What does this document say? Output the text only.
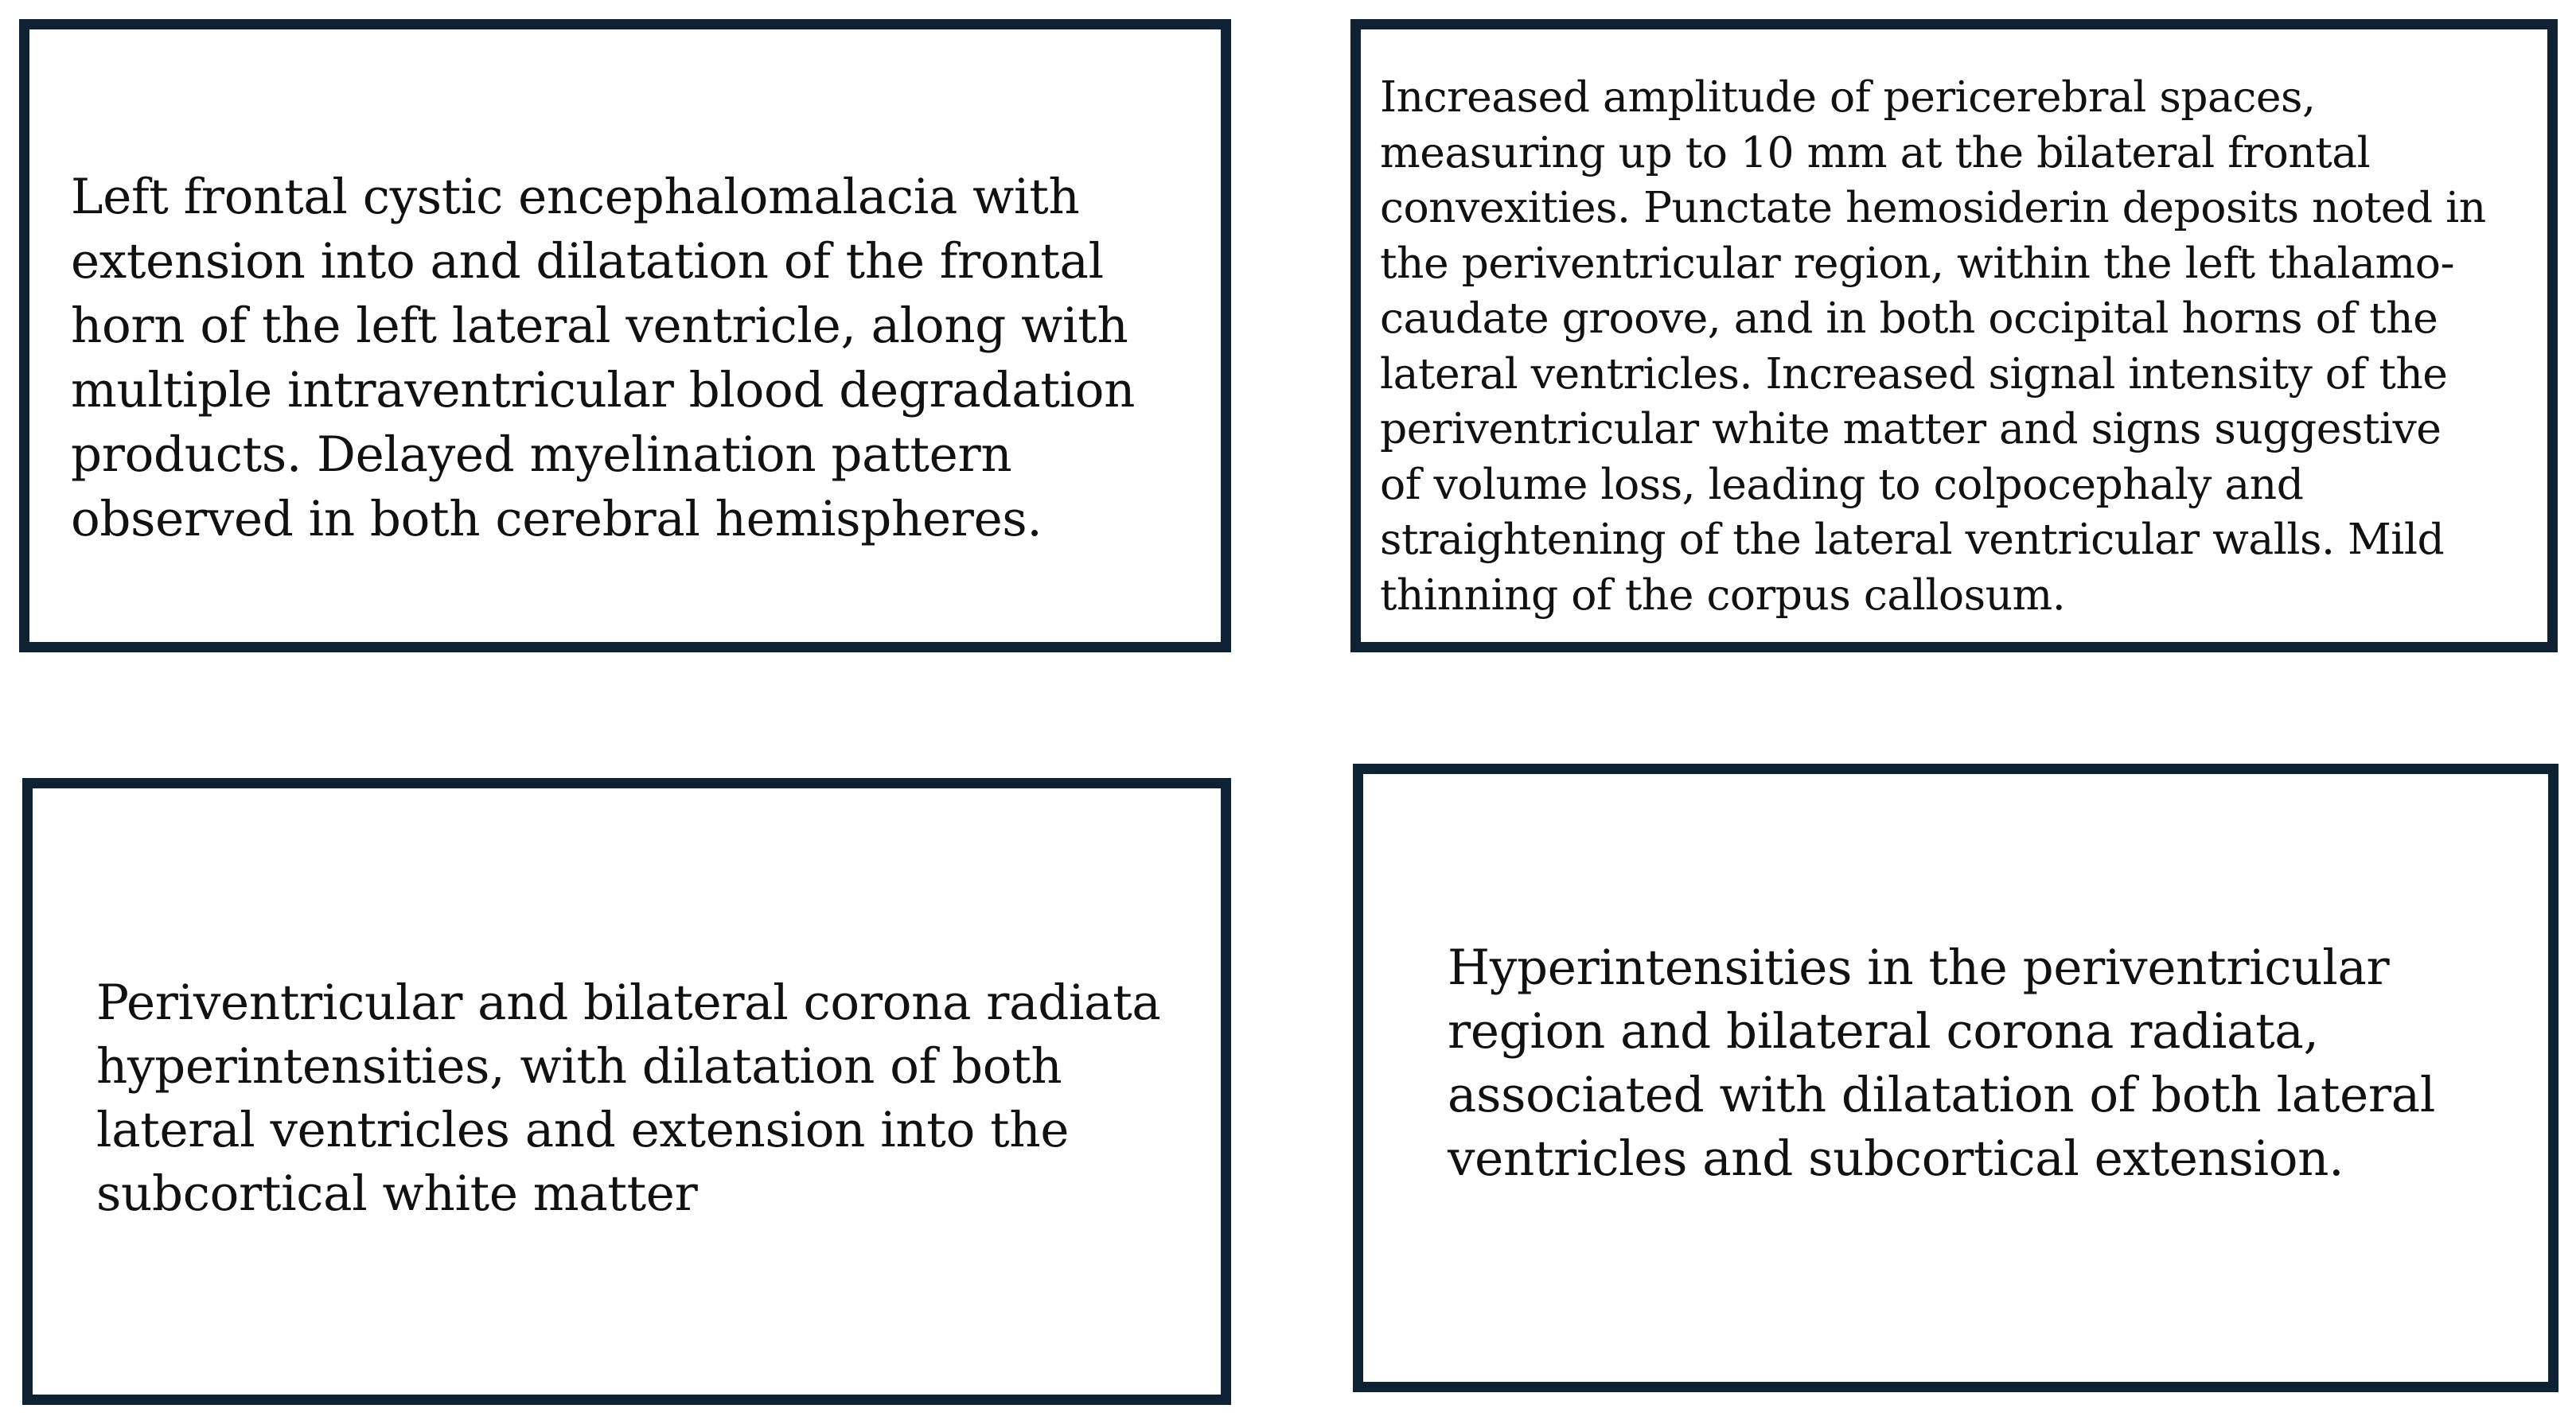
Left frontal cystic encephalomalacia with
extension into and dilatation of the frontal
horn of the left lateral ventricle, along with
multiple intraventricular blood degradation
products. Delayed myelination pattern
observed in both cerebral hemispheres.

Increased amplitude of pericerebral spaces,
measuring up to 10 mm at the bilateral frontal
convexities. Punctate hemosiderin deposits noted in
the periventricular region, within the left thalamo-
caudate groove, and in both occipital horns of the
lateral ventricles. Increased signal intensity of the
periventricular white matter and signs suggestive
of volume loss, leading to colpocephaly and
straightening of the lateral ventricular walls. Mild
thinning of the corpus callosum.

Periventricular and bilateral corona radiata
hyperintensities, with dilatation of both
lateral ventricles and extension into the
subcortical white matter

Hyperintensities in the periventricular
region and bilateral corona radiata,
associated with dilatation of both lateral
ventricles and subcortical extension.
